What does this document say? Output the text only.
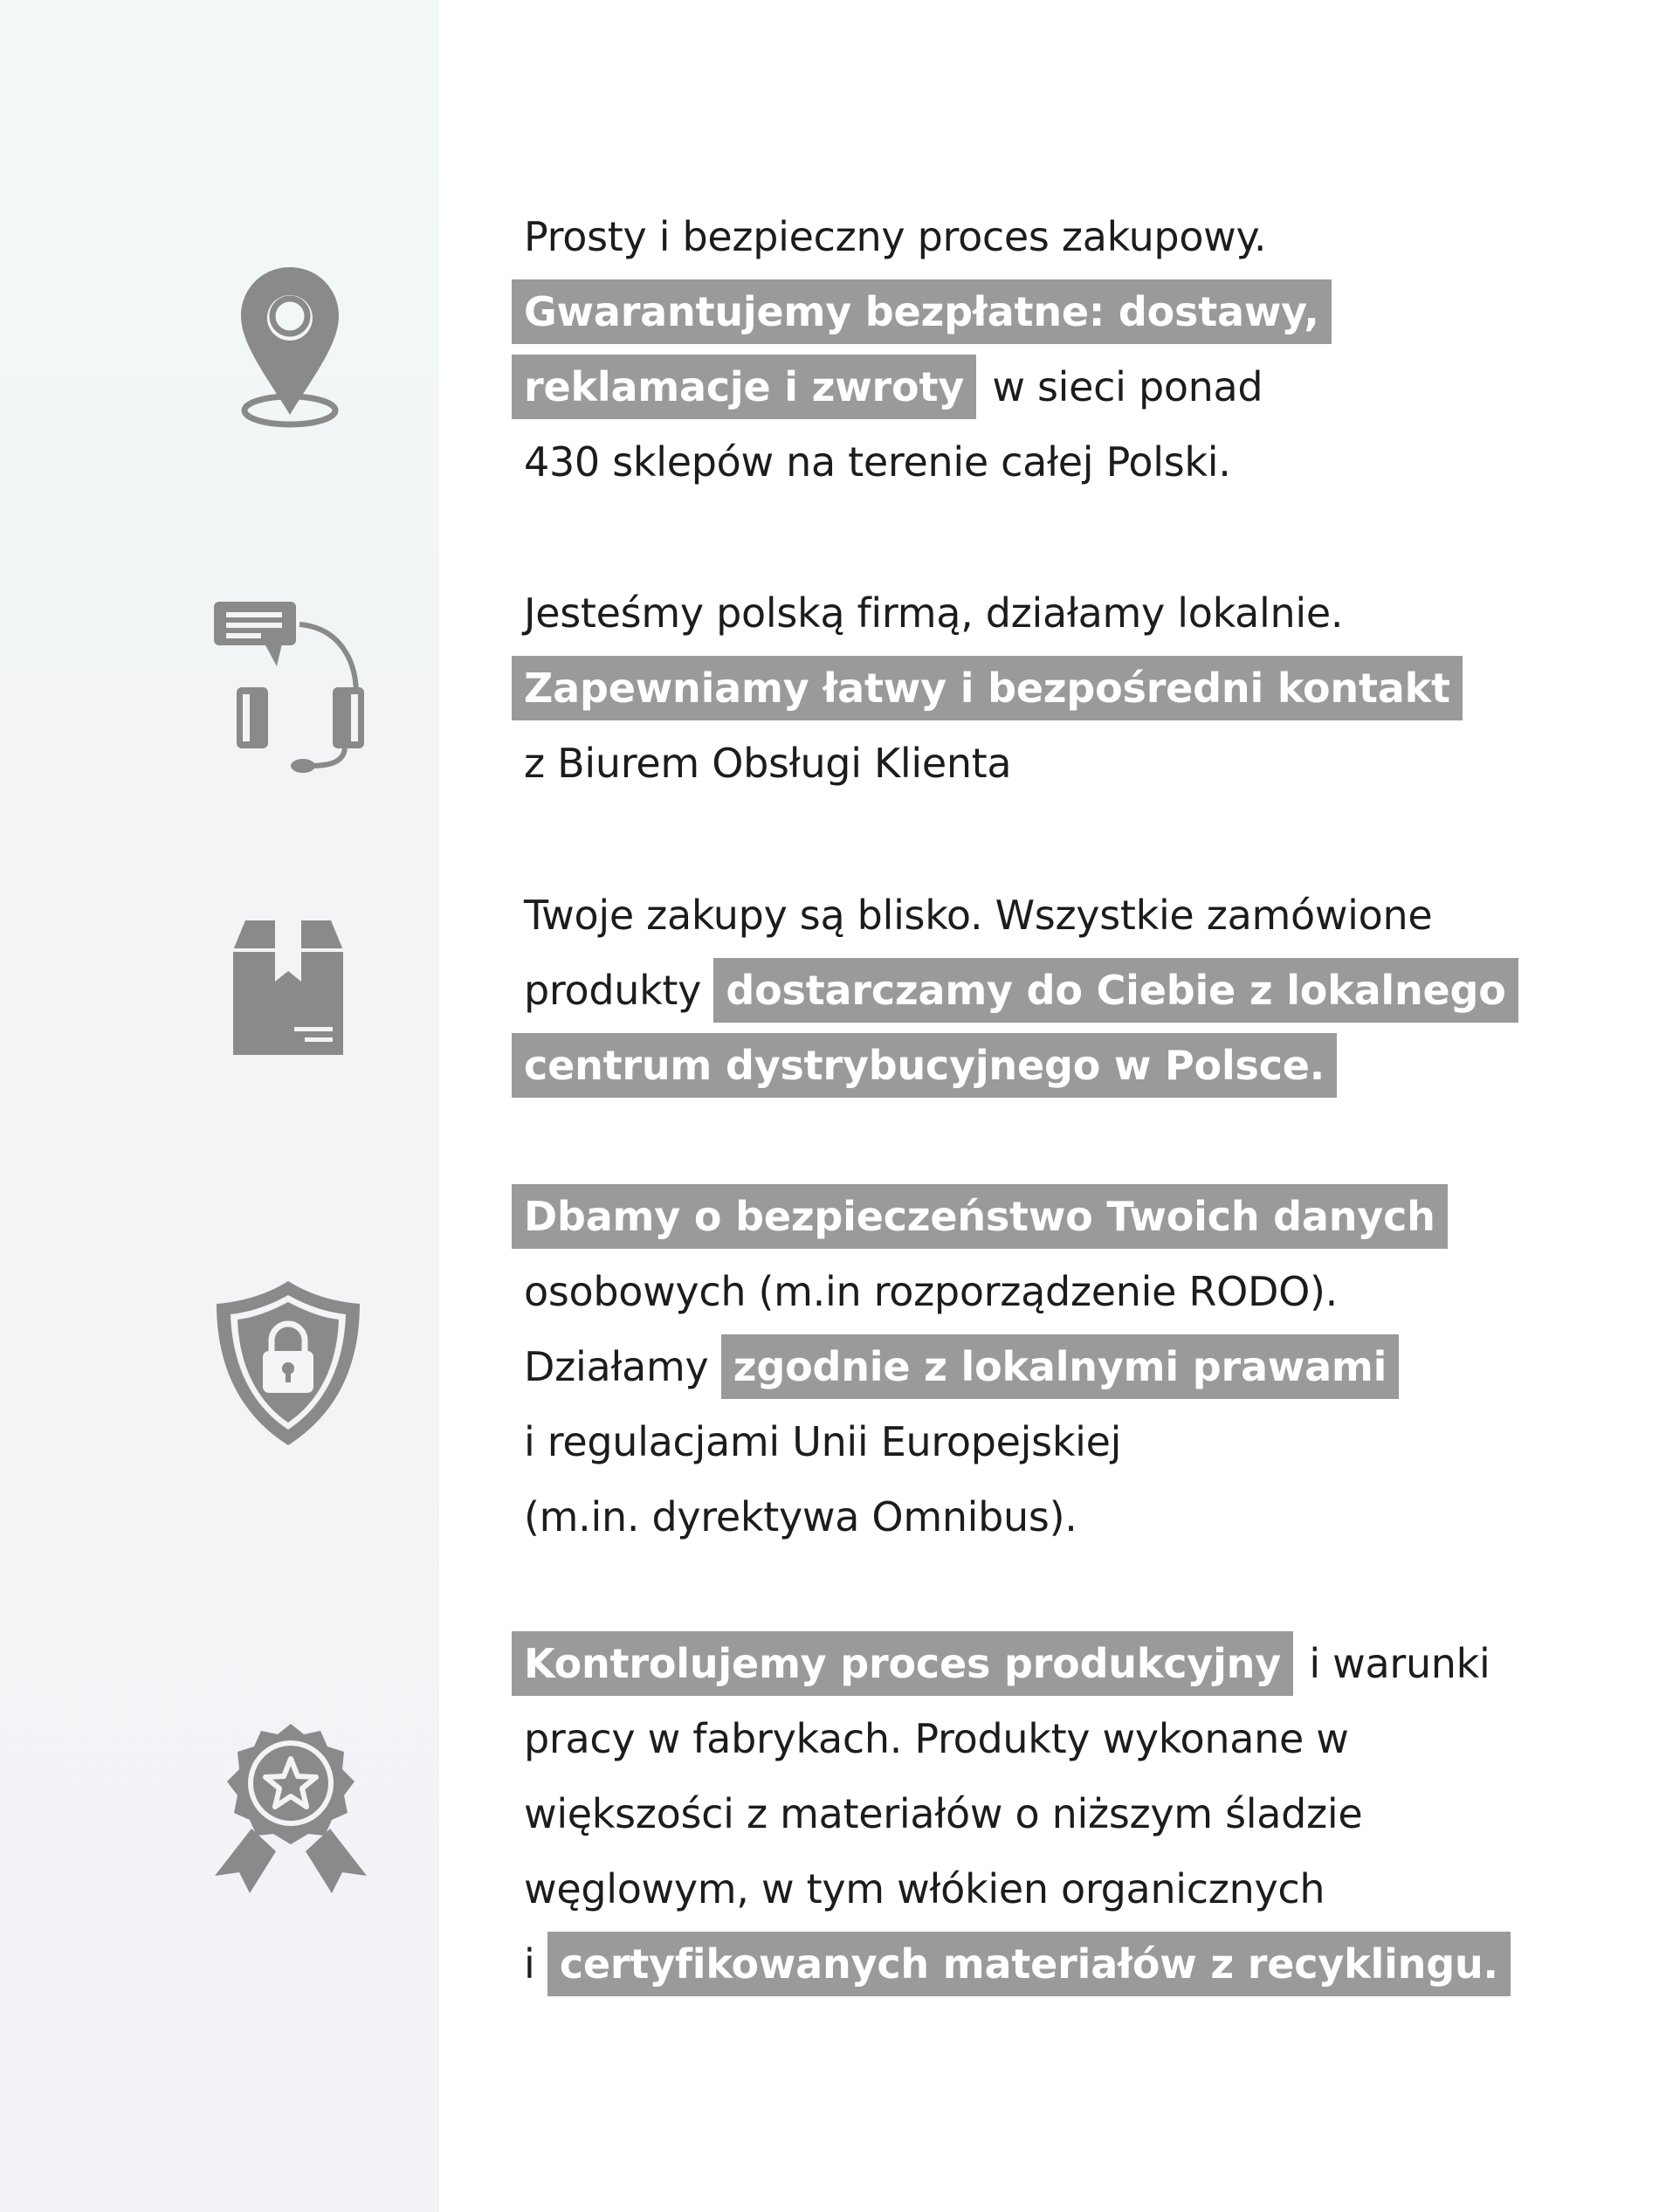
Prosty i bezpieczny proces zakupowy.
Gwarantujemy bezpłatne: dostawy,
reklamacje i zwroty w sieci ponad
430 sklepów na terenie całej Polski.
Jesteśmy polską firmą, działamy lokalnie.
Zapewniamy łatwy i bezpośredni kontakt
z Biurem Obsługi Klienta
Twoje zakupy są blisko. Wszystkie zamówione
produkty dostarczamy do Ciebie z lokalnego
centrum dystrybucyjnego w Polsce.
Dbamy o bezpieczeństwo Twoich danych
osobowych (m.in rozporządzenie RODO).
Działamy zgodnie z lokalnymi prawami
i regulacjami Unii Europejskiej
(m.in. dyrektywa Omnibus).
Kontrolujemy proces produkcyjny i warunki
pracy w fabrykach. Produkty wykonane w
większości z materiałów o niższym śladzie
węglowym, w tym włókien organicznych
i certyfikowanych materiałów z recyklingu.
